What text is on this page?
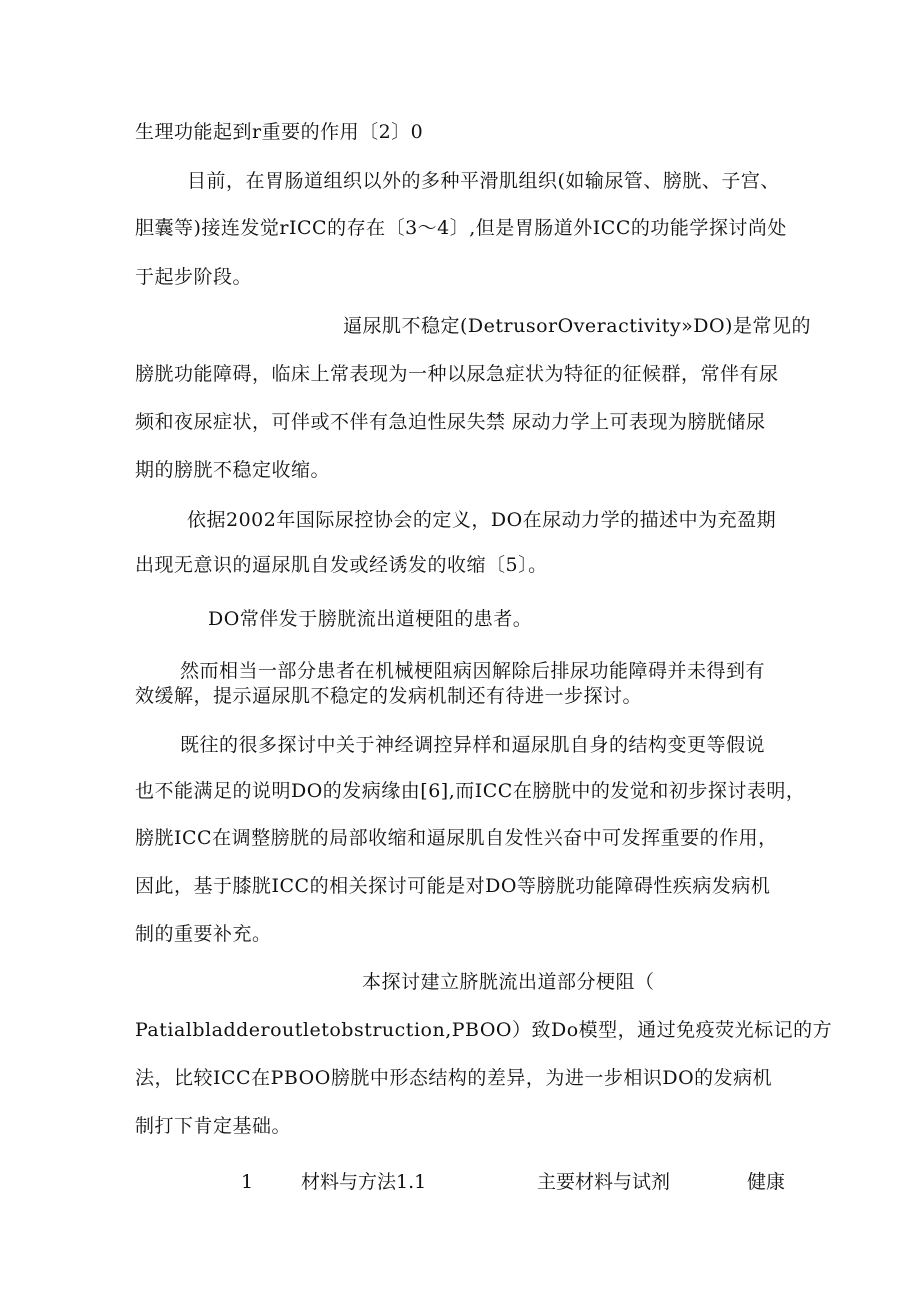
生理功能起到r重要的作用〔2〕0
目前，在胃肠道组织以外的多种平滑肌组织(如输尿管、膀胱、子宫、
胆囊等)接连发觉rICC的存在〔3～4〕,但是胃肠道外ICC的功能学探讨尚处
于起步阶段。
逼尿肌不稳定(DetrusorOveractivity»DO)是常见的
膀胱功能障碍，临床上常表现为一种以尿急症状为特征的征候群，常伴有尿
频和夜尿症状，可伴或不伴有急迫性尿失禁 尿动力学上可表现为膀胱储尿
期的膀胱不稳定收缩。
依据2002年国际尿控协会的定义，DO在尿动力学的描述中为充盈期
出现无意识的逼尿肌自发或经诱发的收缩〔5〕。
DO常伴发于膀胱流出道梗阻的患者。
然而相当一部分患者在机械梗阻病因解除后排尿功能障碍并未得到有
效缓解，提示逼尿肌不稳定的发病机制还有待进一步探讨。
既往的很多探讨中关于神经调控异样和逼尿肌自身的结构变更等假说
也不能满足的说明DO的发病缘由[6],而ICC在膀胱中的发觉和初步探讨表明，
膀胱ICC在调整膀胱的局部收缩和逼尿肌自发性兴奋中可发挥重要的作用，
因此，基于膝胱ICC的相关探讨可能是对DO等膀胱功能障碍性疾病发病机
制的重要补充。
本探讨建立脐胱流出道部分梗阻（
Patialbladderoutletobstruction,PBOO）致Do模型，通过免疫荧光标记的方
法，比较ICC在PBOO膀胱中形态结构的差异，为进一步相识DO的发病机
制打下肯定基础。
1	材料与方法1.1	主要材料与试剂	健康
